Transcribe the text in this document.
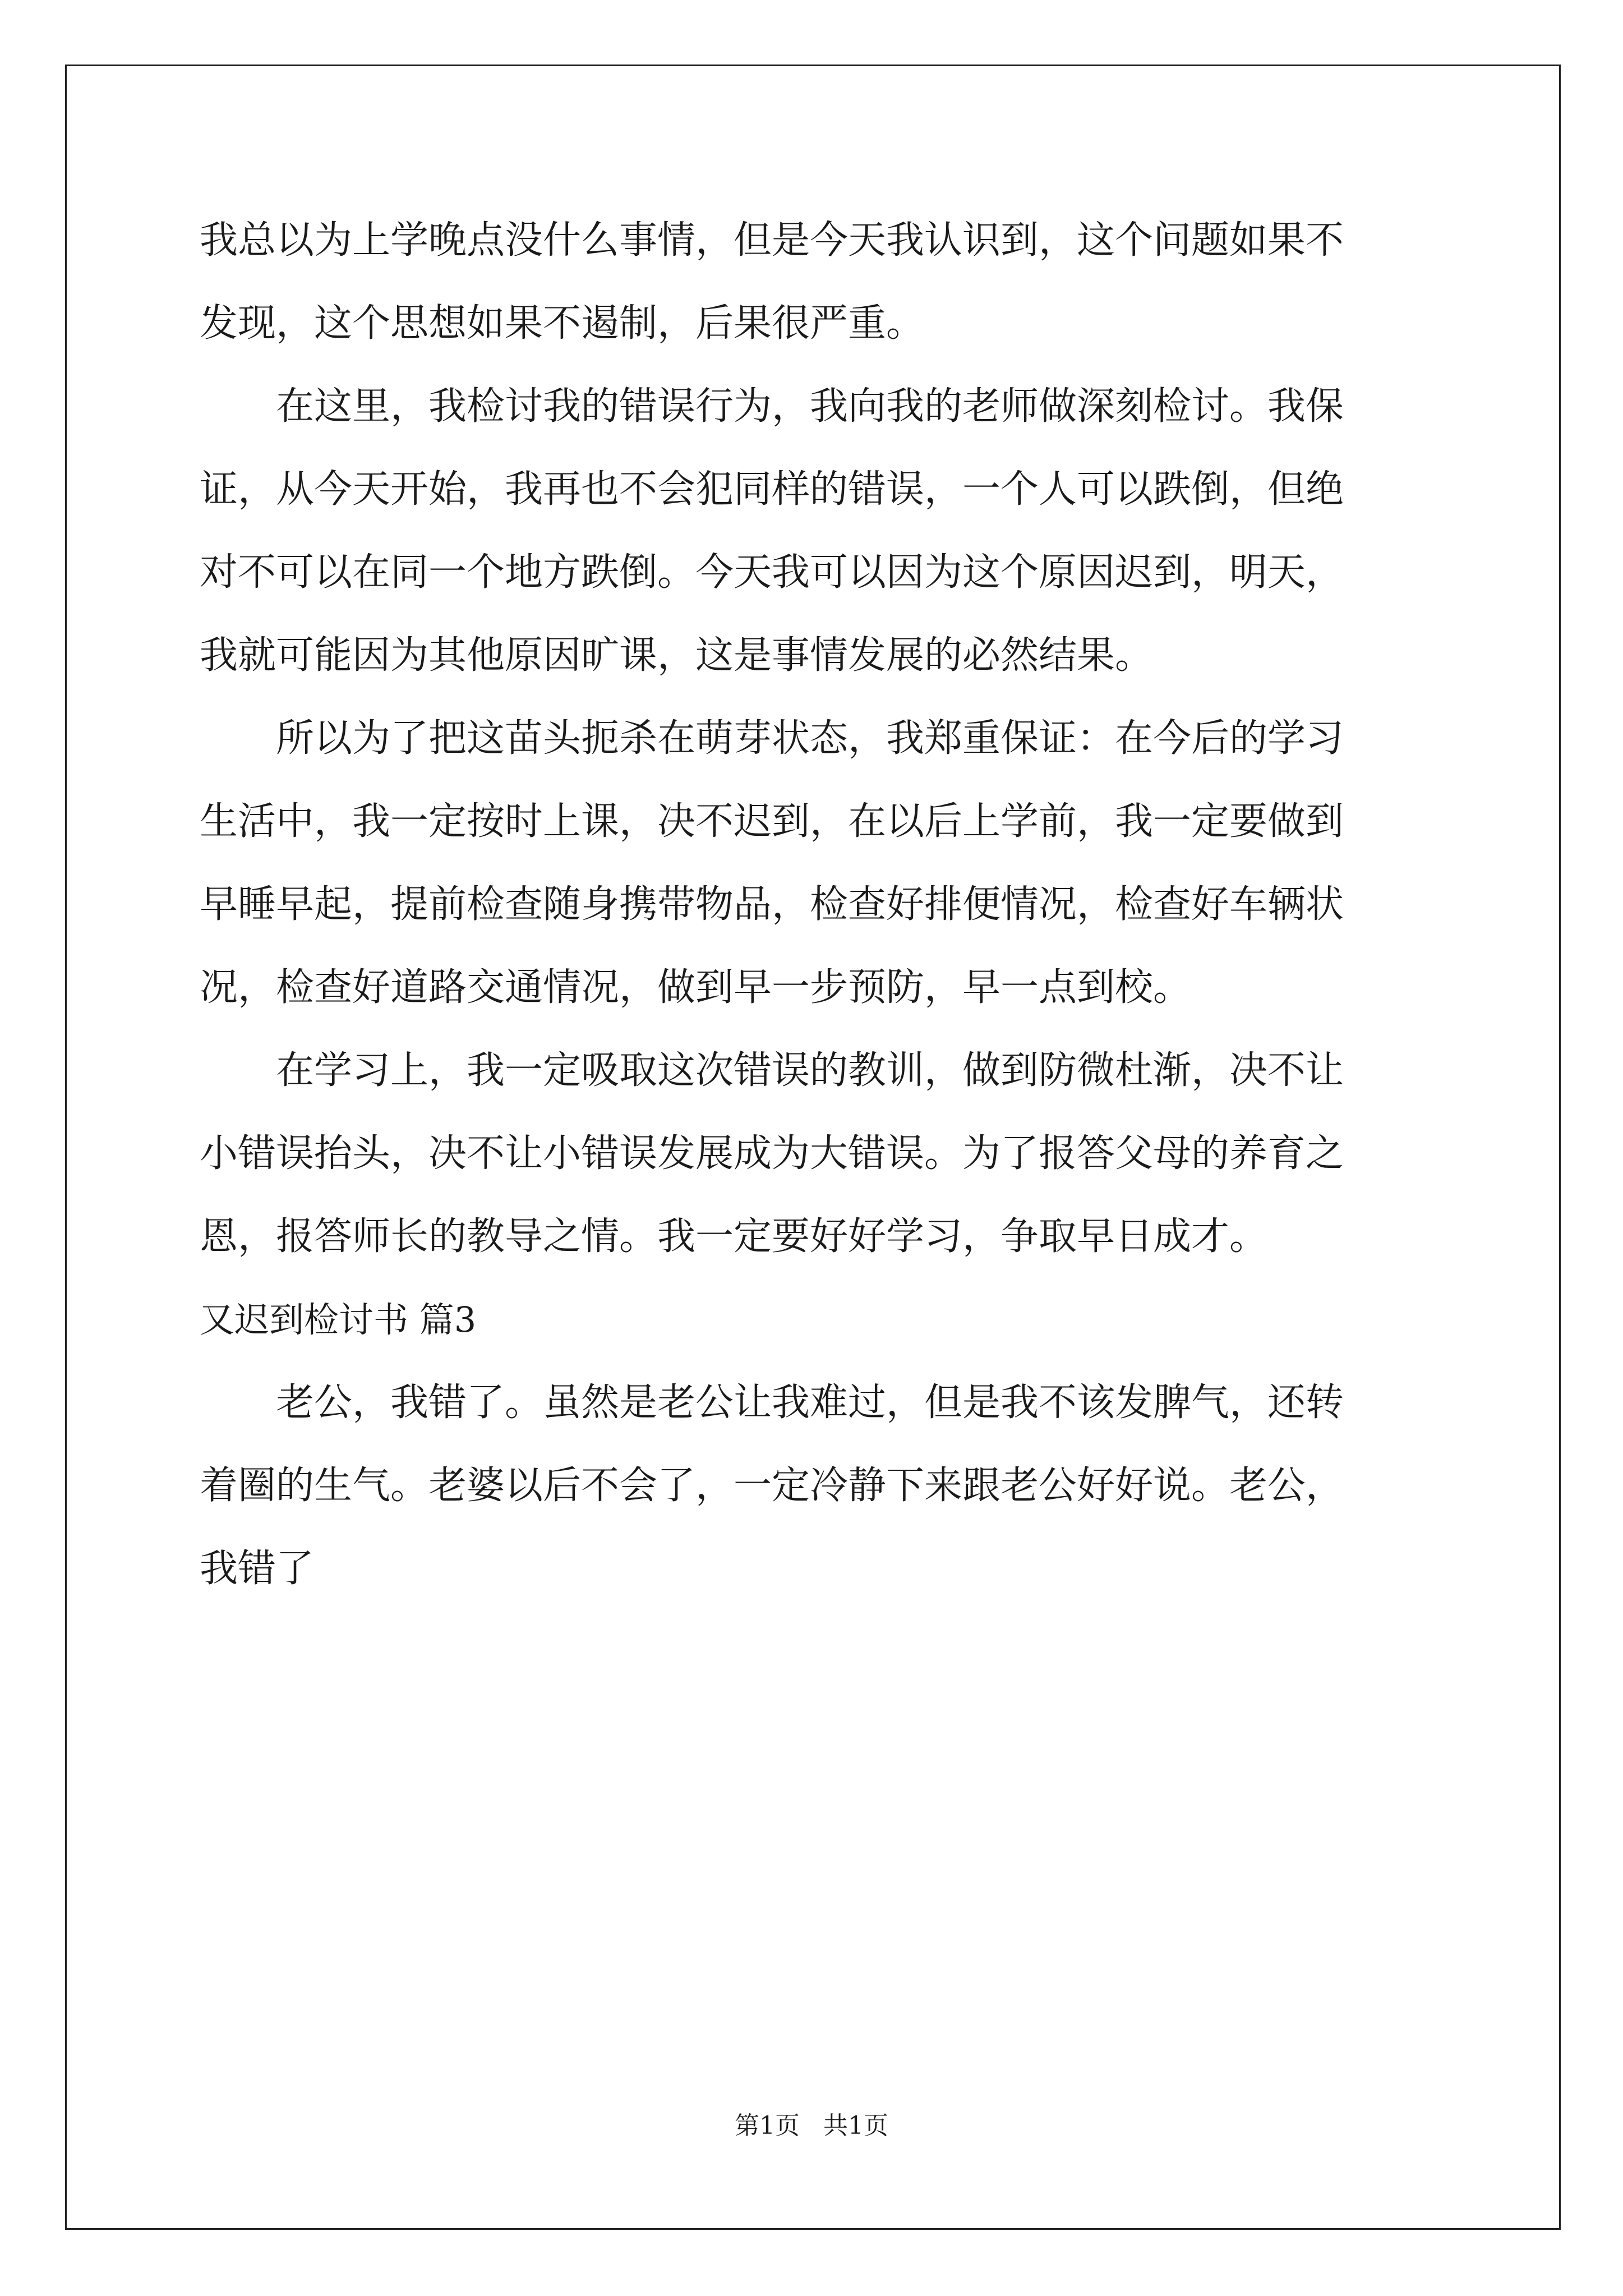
我总以为上学晚点没什么事情，但是今天我认识到，这个问题如果不
发现，这个思想如果不遏制，后果很严重。
　　在这里，我检讨我的错误行为，我向我的老师做深刻检讨。我保
证，从今天开始，我再也不会犯同样的错误，一个人可以跌倒，但绝
对不可以在同一个地方跌倒。今天我可以因为这个原因迟到，明天，
我就可能因为其他原因旷课，这是事情发展的必然结果。
　　所以为了把这苗头扼杀在萌芽状态，我郑重保证：在今后的学习
生活中，我一定按时上课，决不迟到，在以后上学前，我一定要做到
早睡早起，提前检查随身携带物品，检查好排便情况，检查好车辆状
况，检查好道路交通情况，做到早一步预防，早一点到校。
　　在学习上，我一定吸取这次错误的教训，做到防微杜渐，决不让
小错误抬头，决不让小错误发展成为大错误。为了报答父母的养育之
恩，报答师长的教导之情。我一定要好好学习，争取早日成才。
又迟到检讨书 篇3
　　老公，我错了。虽然是老公让我难过，但是我不该发脾气，还转
着圈的生气。老婆以后不会了，一定冷静下来跟老公好好说。老公，
我错了
第1页   共1页
